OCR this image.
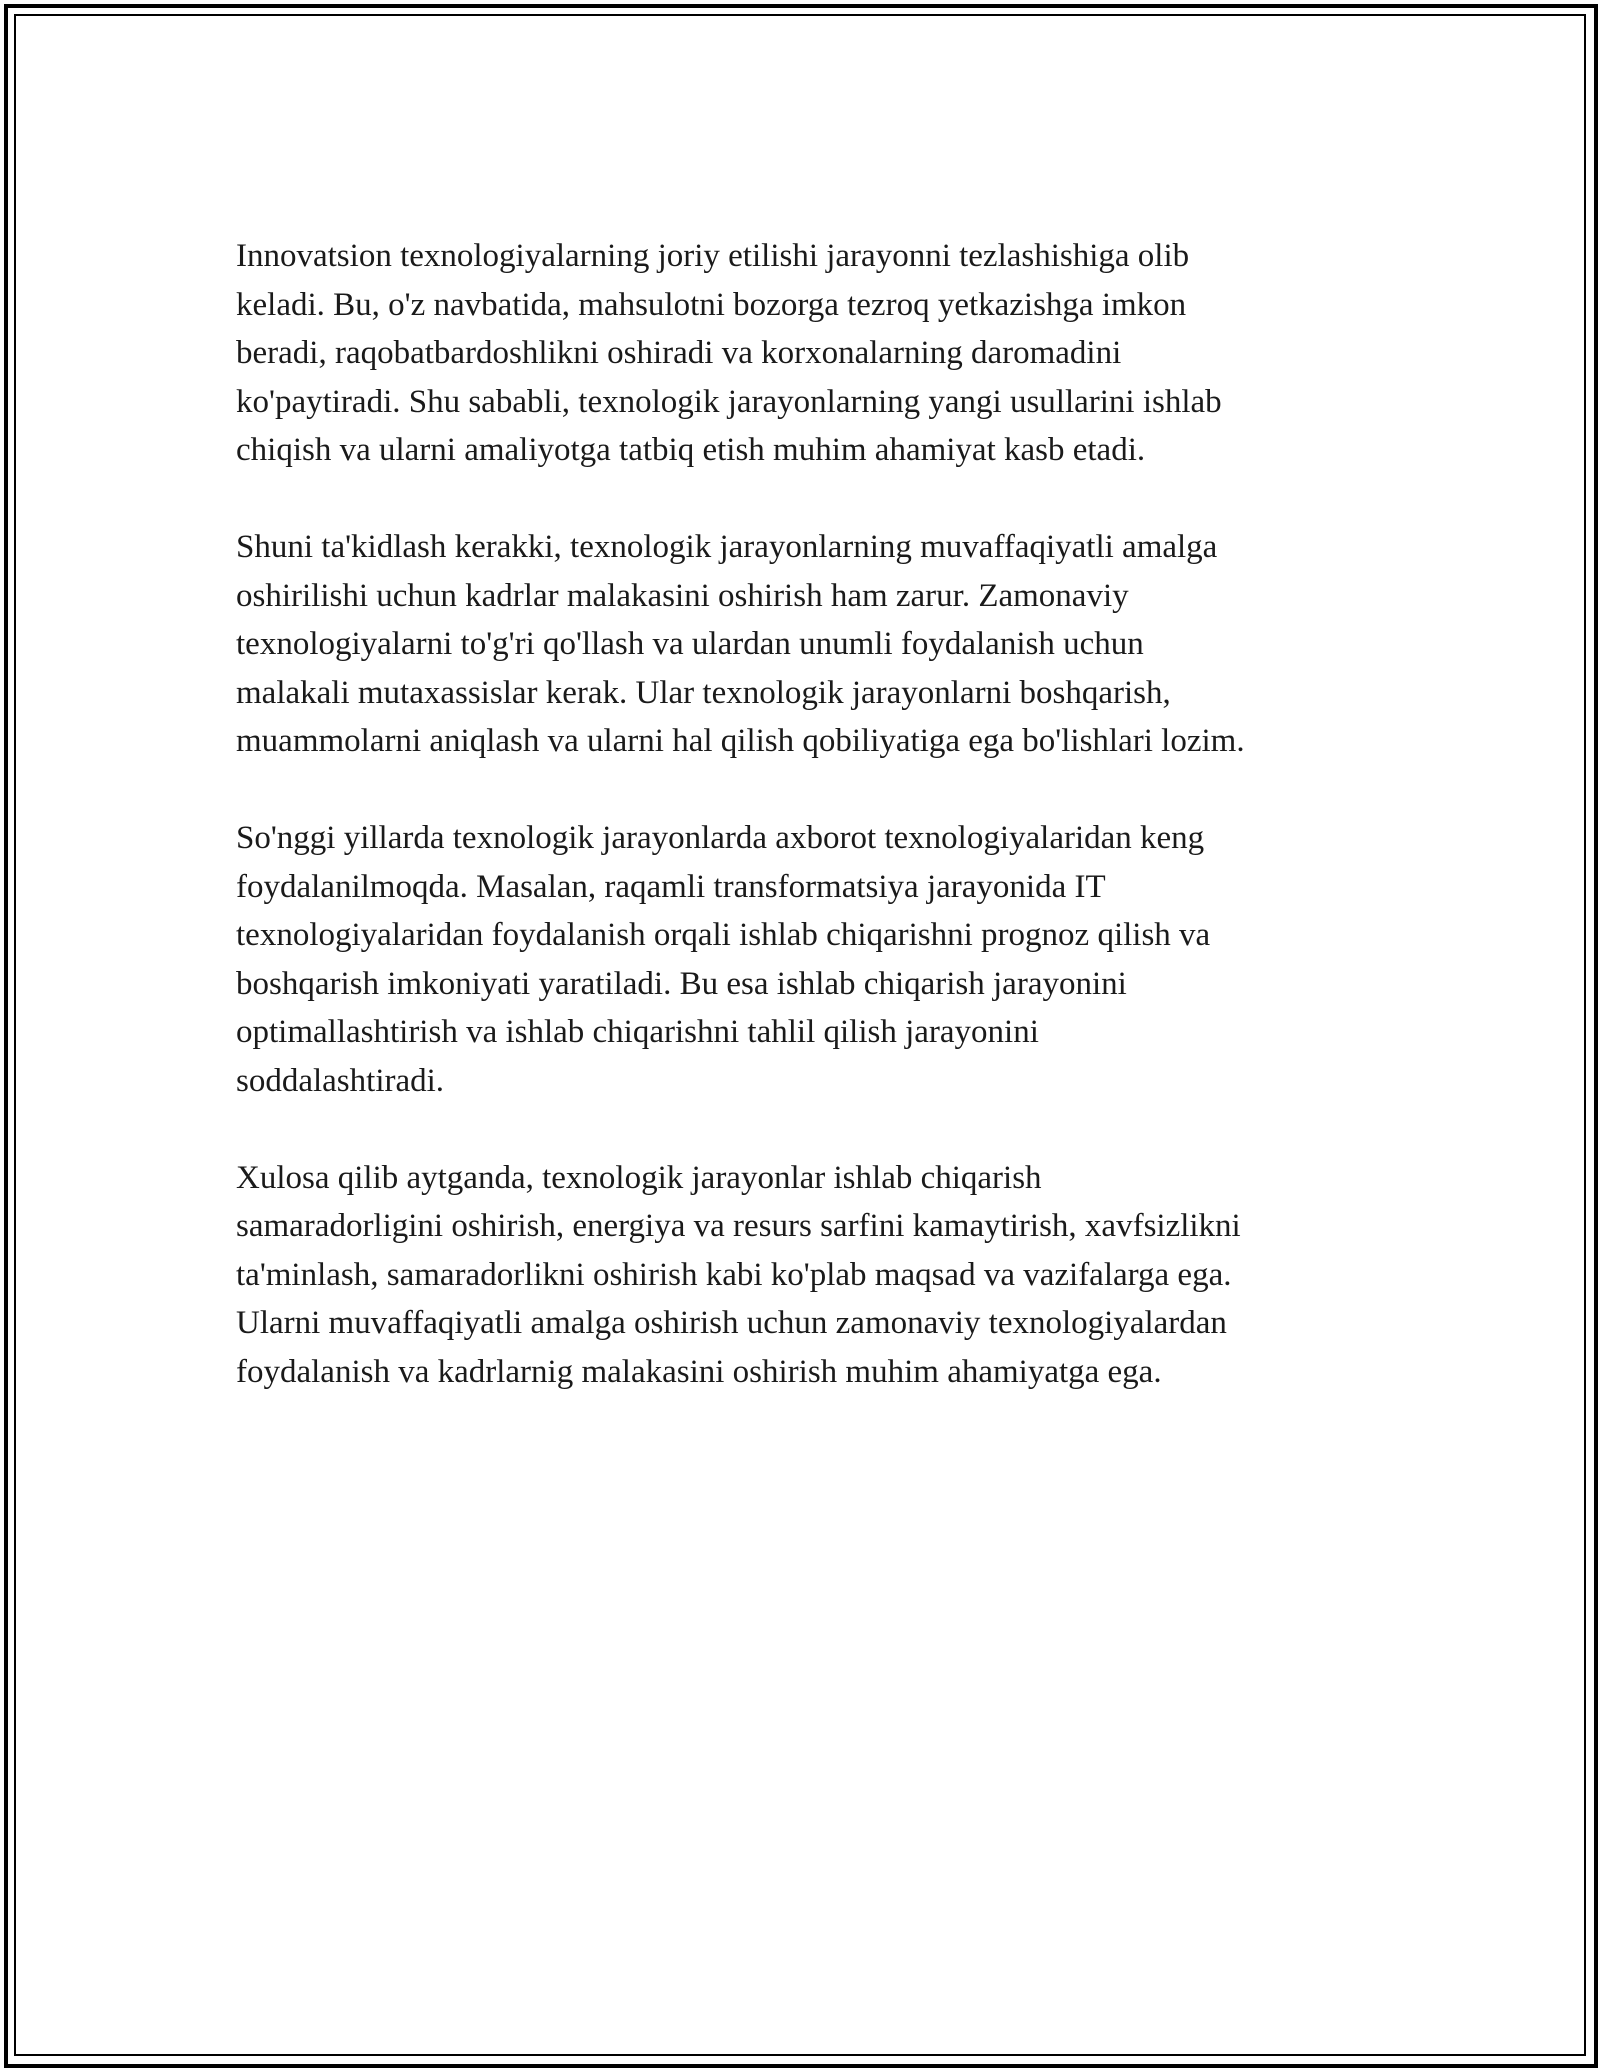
Innovatsion texnologiyalarning joriy etilishi jarayonni tezlashishiga olib
keladi. Bu, o'z navbatida, mahsulotni bozorga tezroq yetkazishga imkon
beradi, raqobatbardoshlikni oshiradi va korxonalarning daromadini
ko'paytiradi. Shu sababli, texnologik jarayonlarning yangi usullarini ishlab
chiqish va ularni amaliyotga tatbiq etish muhim ahamiyat kasb etadi.

Shuni ta'kidlash kerakki, texnologik jarayonlarning muvaffaqiyatli amalga
oshirilishi uchun kadrlar malakasini oshirish ham zarur. Zamonaviy
texnologiyalarni to'g'ri qo'llash va ulardan unumli foydalanish uchun
malakali mutaxassislar kerak. Ular texnologik jarayonlarni boshqarish,
muammolarni aniqlash va ularni hal qilish qobiliyatiga ega bo'lishlari lozim.

So'nggi yillarda texnologik jarayonlarda axborot texnologiyalaridan keng
foydalanilmoqda. Masalan, raqamli transformatsiya jarayonida IT
texnologiyalaridan foydalanish orqali ishlab chiqarishni prognoz qilish va
boshqarish imkoniyati yaratiladi. Bu esa ishlab chiqarish jarayonini
optimallashtirish va ishlab chiqarishni tahlil qilish jarayonini
soddalashtiradi.

Xulosa qilib aytganda, texnologik jarayonlar ishlab chiqarish
samaradorligini oshirish, energiya va resurs sarfini kamaytirish, xavfsizlikni
ta'minlash, samaradorlikni oshirish kabi ko'plab maqsad va vazifalarga ega.
Ularni muvaffaqiyatli amalga oshirish uchun zamonaviy texnologiyalardan
foydalanish va kadrlarnig malakasini oshirish muhim ahamiyatga ega.
